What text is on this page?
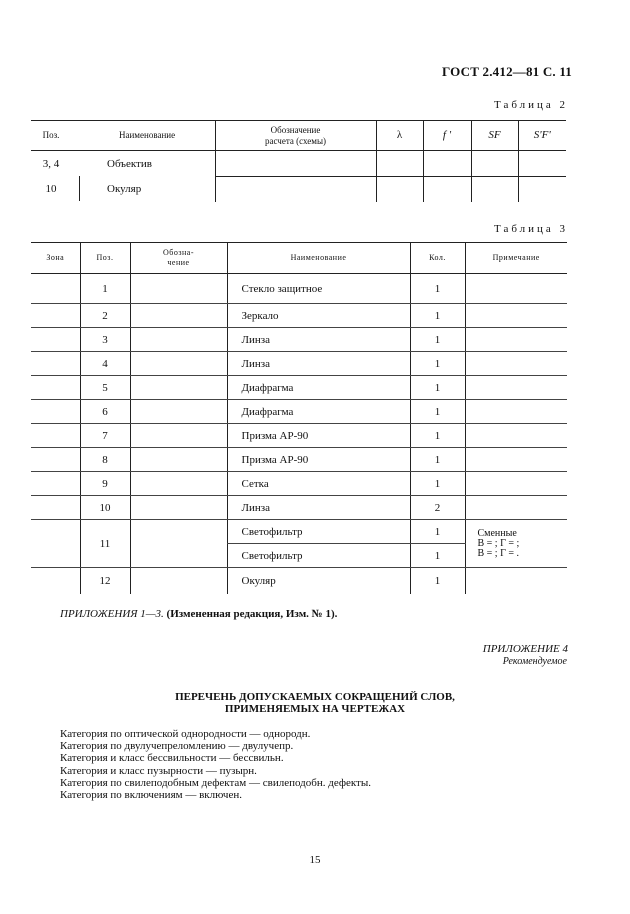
ГОСТ 2.412—81 С. 11
Таблица 2
Поз.	Наименование	Обозначение
расчета (схемы)	λ	f '	SF	S'F'
3, 4	Объектив					
10	Окуляр					
Таблица 3
Зона	Поз.	Обозна-
чение	Наименование	Кол.	Примечание
	1		Стекло защитное	1	
	2		Зеркало	1	
	3		Линза	1	
	4		Линза	1	
	5		Диафрагма	1	
	6		Диафрагма	1	
	7		Призма АР-90	1	
	8		Призма АР-90	1	
	9		Сетка	1	
	10		Линза	2	
	11		Светофильтр	1	Сменные
В = ; Г = ;
В = ; Г = .
			Светофильтр	1	
	12		Окуляр	1	
ПРИЛОЖЕНИЯ 1—3. (Измененная редакция, Изм. № 1).
ПРИЛОЖЕНИЕ 4
Рекомендуемое
ПЕРЕЧЕНЬ ДОПУСКАЕМЫХ СОКРАЩЕНИЙ СЛОВ,
ПРИМЕНЯЕМЫХ НА ЧЕРТЕЖАХ
Категория по оптической однородности — однородн.
Категория по двулучепреломлению — двулучепр.
Категория и класс бессвильности — бессвильн.
Категория и класс пузырности — пузырн.
Категория по свилеподобным дефектам — свилеподобн. дефекты.
Категория по включениям — включен.
15
